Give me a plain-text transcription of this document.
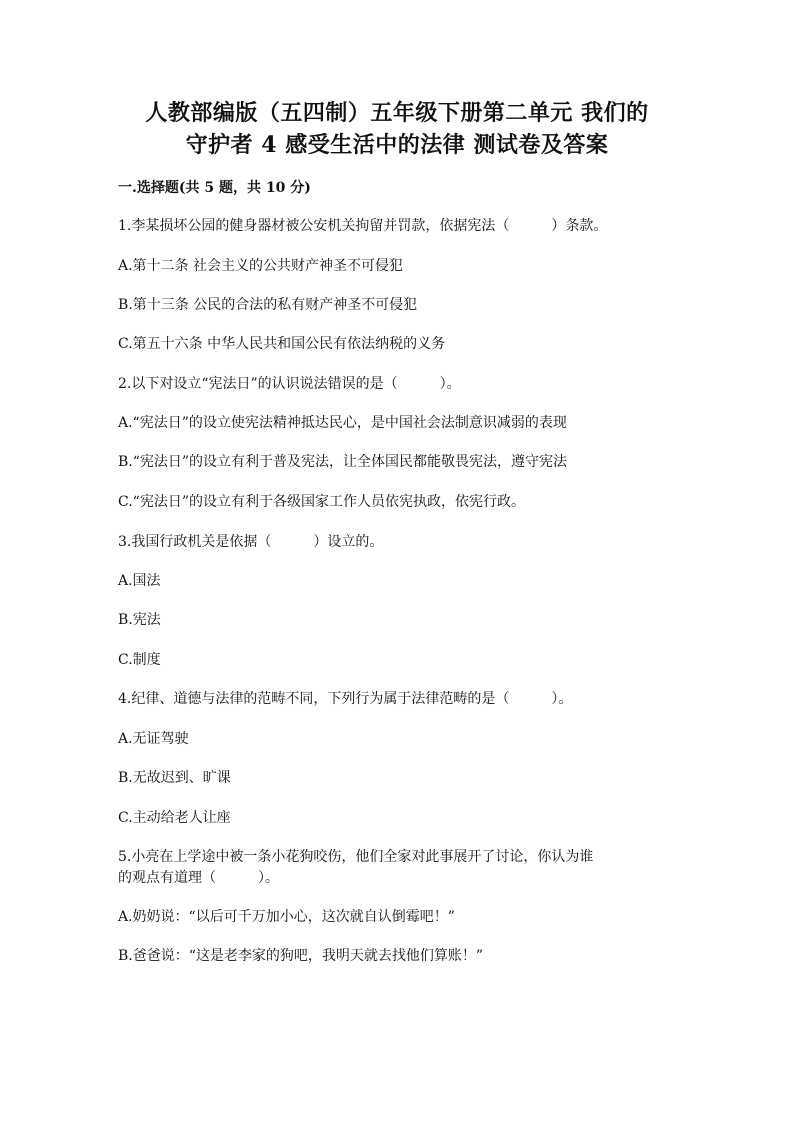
人教部编版（五四制）五年级下册第二单元 我们的
守护者 4 感受生活中的法律 测试卷及答案
一.选择题(共 5 题，共 10 分)
1.李某损坏公园的健身器材被公安机关拘留并罚款，依据宪法（　　　）条款。
A.第十二条 社会主义的公共财产神圣不可侵犯
B.第十三条 公民的合法的私有财产神圣不可侵犯
C.第五十六条 中华人民共和国公民有依法纳税的义务
2.以下对设立“宪法日”的认识说法错误的是（　　　）。
A.“宪法日”的设立使宪法精神抵达民心，是中国社会法制意识减弱的表现
B.“宪法日”的设立有利于普及宪法，让全体国民都能敬畏宪法，遵守宪法
C.“宪法日”的设立有利于各级国家工作人员依宪执政，依宪行政。
3.我国行政机关是依据（　　　）设立的。
A.国法
B.宪法
C.制度
4.纪律、道德与法律的范畴不同，下列行为属于法律范畴的是（　　　）。
A.无证驾驶
B.无故迟到、旷课
C.主动给老人让座
5.小亮在上学途中被一条小花狗咬伤，他们全家对此事展开了讨论，你认为谁
的观点有道理（　　　）。
A.奶奶说：“以后可千万加小心，这次就自认倒霉吧！”
B.爸爸说：“这是老李家的狗吧，我明天就去找他们算账！”
